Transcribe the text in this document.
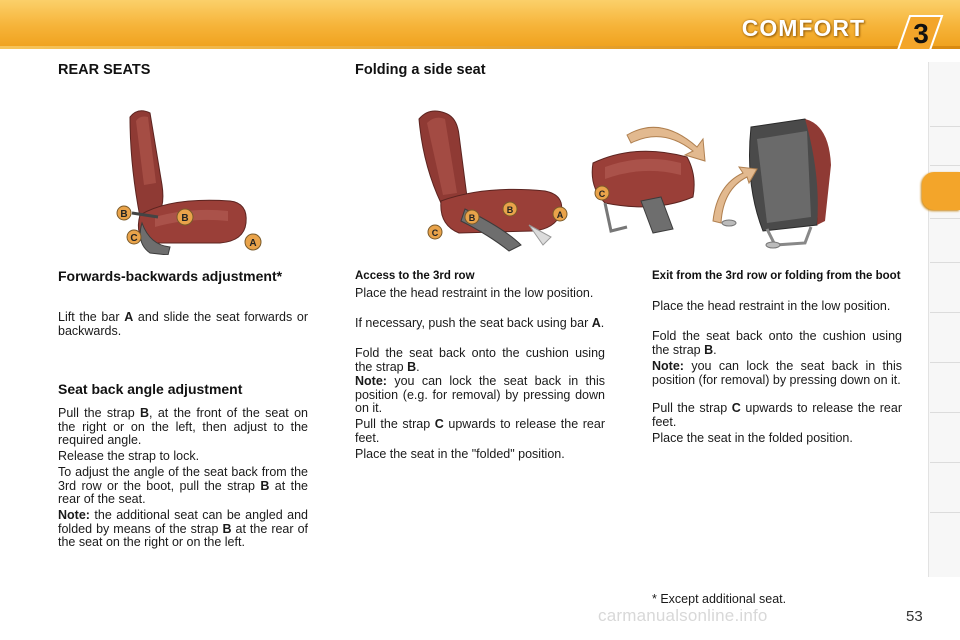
COMFORT 3
REAR SEATS
B	B
C	A
Forwards-backwards adjustment*

Lift the bar A and slide the seat forwards or backwards.

Seat back angle adjustment

Pull the strap B, at the front of the seat on the right or on the left, then adjust to the required angle.

Release the strap to lock.

To adjust the angle of the seat back from the 3rd row or the boot, pull the strap B at the rear of the seat.

Note: the additional seat can be angled and folded by means of the strap B at the rear of the seat on the right or on the left.

Folding a side seat
C
B
B	A
C
Access to the 3rd row

Place the head restraint in the low position.

If necessary, push the seat back using bar A.

Fold the seat back onto the cushion using the strap B.

Note: you can lock the seat back in this position (e.g. for removal) by pressing down on it.

Pull the strap C upwards to release the rear feet.

Place the seat in the "folded" position.

Exit from the 3rd row or folding from the boot

Place the head restraint in the low position.

Fold the seat back onto the cushion using the strap B.

Note: you can lock the seat back in this position (for removal) by pressing down on it.

Pull the strap C upwards to release the rear feet.

Place the seat in the folded position.

* Except additional seat.
carmanualsonline.info	53
